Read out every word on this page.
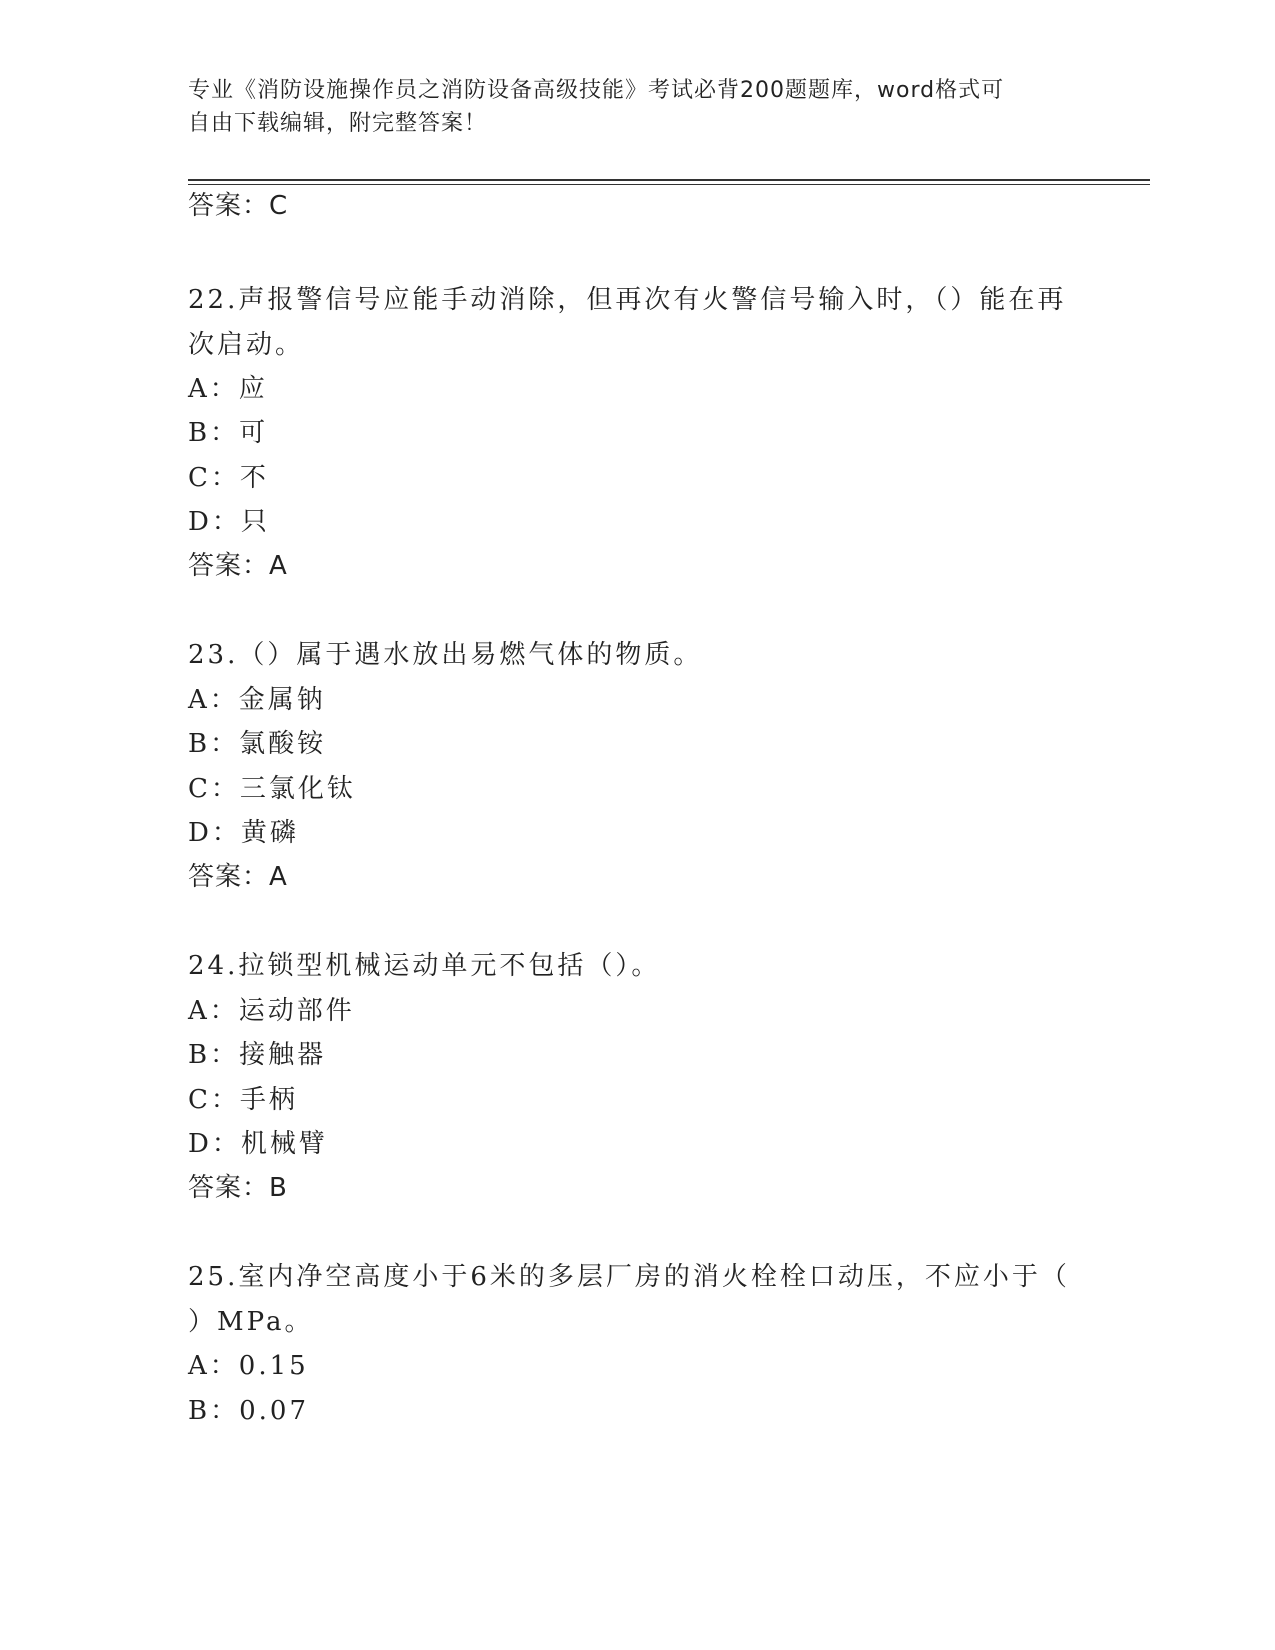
专业《消防设施操作员之消防设备高级技能》考试必背200题题库，word格式可
自由下载编辑，附完整答案！
答案：C
22.声报警信号应能手动消除，但再次有火警信号输入时，（）能在再
次启动。
A：应
B：可
C：不
D：只
答案：A
23.（）属于遇水放出易燃气体的物质。
A：金属钠
B：氯酸铵
C：三氯化钛
D：黄磷
答案：A
24.拉锁型机械运动单元不包括（）。
A：运动部件
B：接触器
C：手柄
D：机械臂
答案：B
25.室内净空高度小于6米的多层厂房的消火栓栓口动压，不应小于（
）MPa。
A：0.15
B：0.07
